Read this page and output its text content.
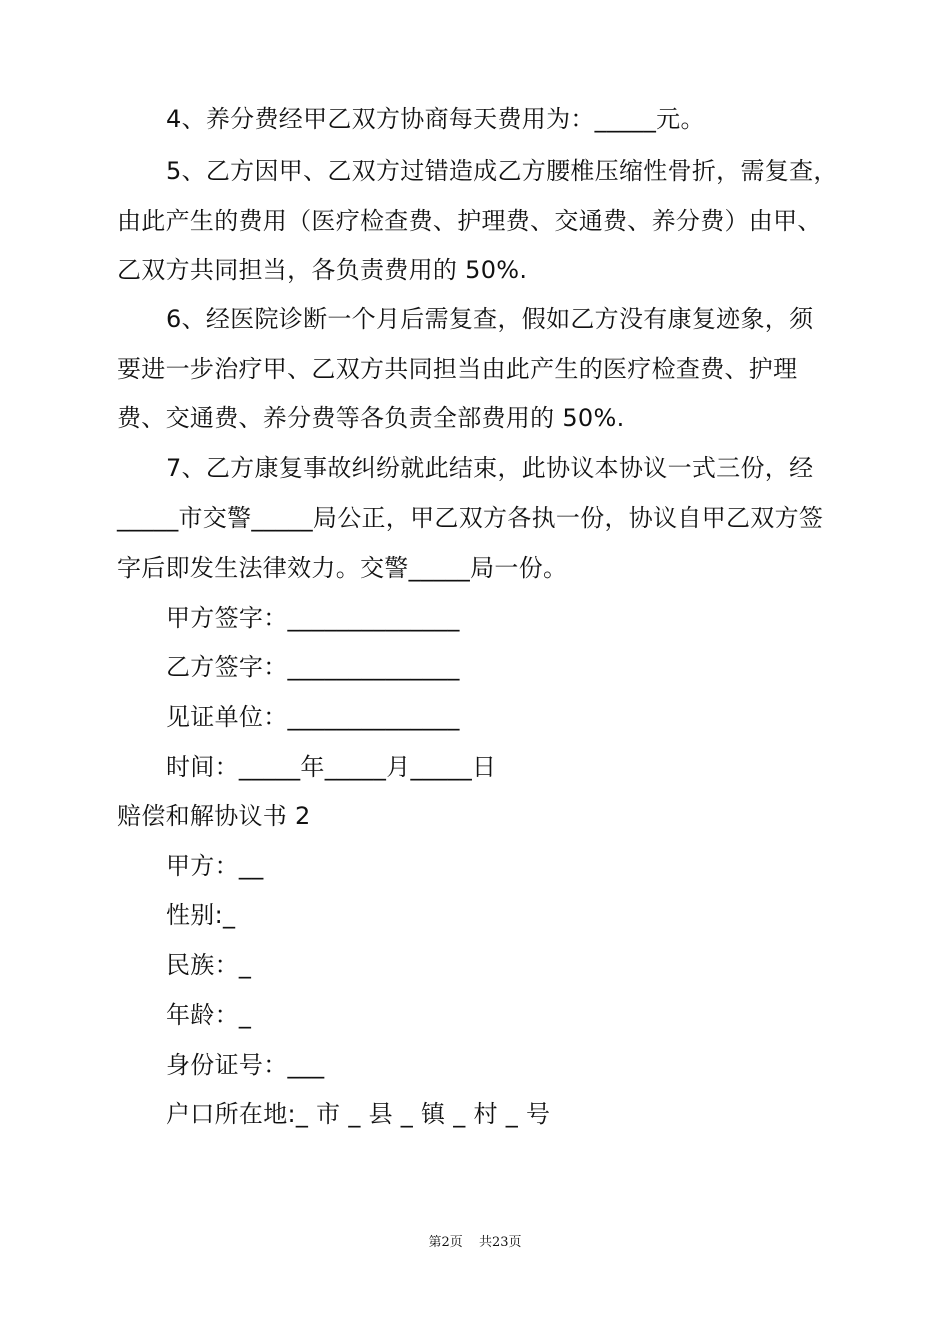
4、养分费经甲乙双方协商每天费用为：_____元。
5、乙方因甲、乙双方过错造成乙方腰椎压缩性骨折，需复查，
由此产生的费用（医疗检查费、护理费、交通费、养分费）由甲、
乙双方共同担当，各负责费用的 50%.
6、经医院诊断一个月后需复查，假如乙方没有康复迹象，须
要进一步治疗甲、乙双方共同担当由此产生的医疗检查费、护理
费、交通费、养分费等各负责全部费用的 50%.
7、乙方康复事故纠纷就此结束，此协议本协议一式三份，经
_____市交警_____局公正，甲乙双方各执一份，协议自甲乙双方签
字后即发生法律效力。交警_____局一份。
甲方签字：______________
乙方签字：______________
见证单位：______________
时间：_____年_____月_____日
赔偿和解协议书 2
甲方：__
性别:_
民族：_
年龄：_
身份证号：___
户口所在地:_ 市 _ 县 _ 镇 _ 村 _ 号
第2页 共23页
